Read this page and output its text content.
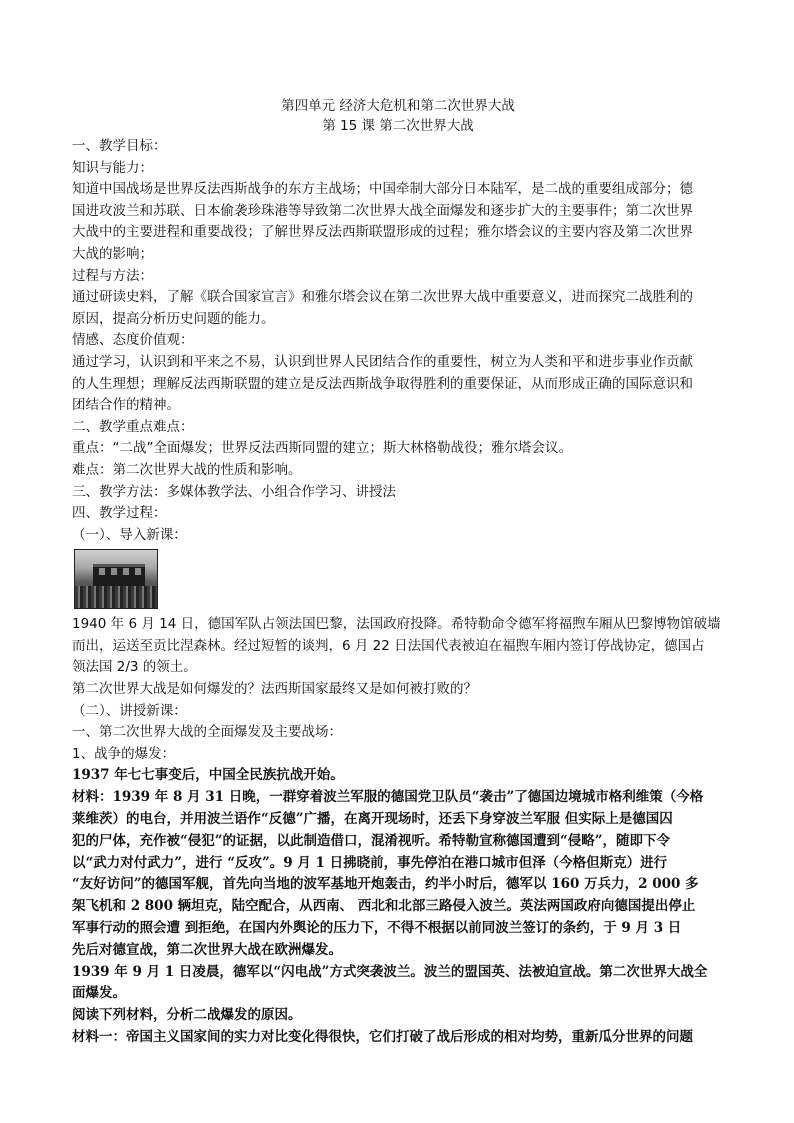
第四单元 经济大危机和第二次世界大战
第 15 课 第二次世界大战

一、教学目标：

知识与能力：

知道中国战场是世界反法西斯战争的东方主战场；中国牵制大部分日本陆军，是二战的重要组成部分；德

国进攻波兰和苏联、日本偷袭珍珠港等导致第二次世界大战全面爆发和逐步扩大的主要事件；第二次世界

大战中的主要进程和重要战役；了解世界反法西斯联盟形成的过程；雅尔塔会议的主要内容及第二次世界

大战的影响；

过程与方法：

通过研读史料，了解《联合国家宣言》和雅尔塔会议在第二次世界大战中重要意义，进而探究二战胜利的

原因，提高分析历史问题的能力。

情感、态度价值观：

通过学习，认识到和平来之不易，认识到世界人民团结合作的重要性，树立为人类和平和进步事业作贡献

的人生理想；理解反法西斯联盟的建立是反法西斯战争取得胜利的重要保证，从而形成正确的国际意识和

团结合作的精神。

二、教学重点难点：

重点：“二战”全面爆发；世界反法西斯同盟的建立；斯大林格勒战役；雅尔塔会议。

难点：第二次世界大战的性质和影响。

三、教学方法：多媒体教学法、小组合作学习、讲授法

四、教学过程：

（一）、导入新课：

1940 年 6 月 14 日，德国军队占领法国巴黎，法国政府投降。希特勒命令德军将福煦车厢从巴黎博物馆破墙

而出，运送至贡比涅森林。经过短暂的谈判，6 月 22 日法国代表被迫在福煦车厢内签订停战协定，德国占

领法国 2/3 的领土。

第二次世界大战是如何爆发的？法西斯国家最终又是如何被打败的？

（二）、讲授新课：

一、第二次世界大战的全面爆发及主要战场：

1、战争的爆发：

1937 年七七事变后，中国全民族抗战开始。

材料：1939 年 8 月 31 日晚，一群穿着波兰军服的德国党卫队员“袭击”了德国边境城市格利维策（今格

莱维茨）的电台，并用波兰语作“反德”广播，在离开现场时，还丢下身穿波兰军服 但实际上是德国囚

犯的尸体，充作被“侵犯”的证据，以此制造借口，混淆视听。希特勒宣称德国遭到“侵略”，随即下令

以“武力对付武力”，进行 “反攻”。9 月 1 日拂晓前，事先停泊在港口城市但泽（今格但斯克）进行

“友好访问”的德国军舰，首先向当地的波军基地开炮轰击，约半小时后，德军以 160 万兵力，2 000 多

架飞机和 2 800 辆坦克，陆空配合，从西南、 西北和北部三路侵入波兰。英法两国政府向德国提出停止

军事行动的照会遭 到拒绝，在国内外舆论的压力下，不得不根据以前同波兰签订的条约，于 9 月 3 日

先后对德宣战，第二次世界大战在欧洲爆发。

1939 年 9 月 1 日凌晨，德军以“闪电战”方式突袭波兰。波兰的盟国英、法被迫宣战。第二次世界大战全

面爆发。

阅读下列材料，分析二战爆发的原因。

材料一：帝国主义国家间的实力对比变化得很快，它们打破了战后形成的相对均势，重新瓜分世界的问题
